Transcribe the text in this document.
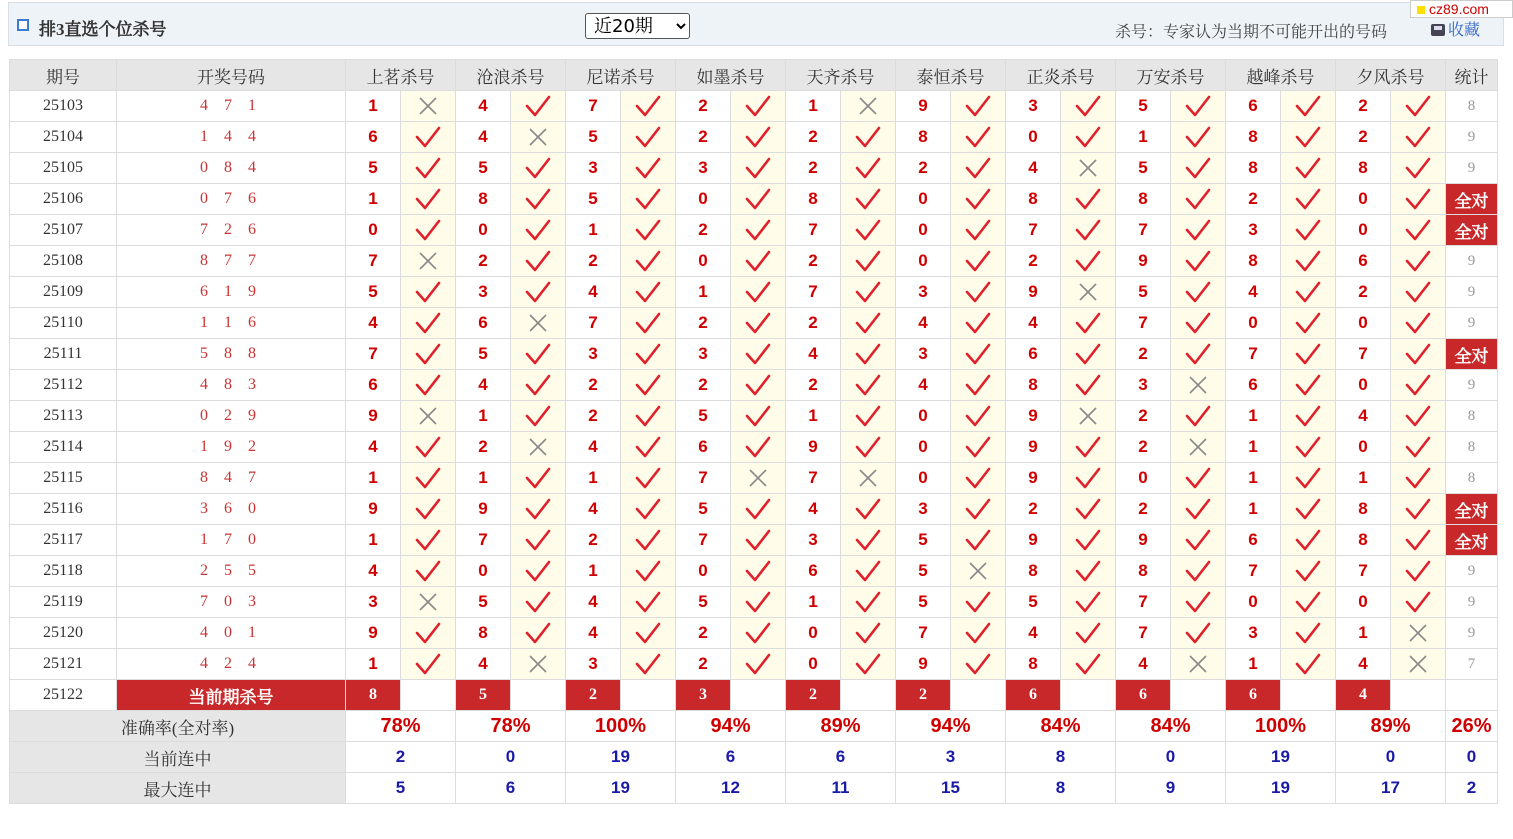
排3直选个位杀号
近20期	杀号：专家认为当期不可能开出的号码	收藏
cz89.com
期号	开奖号码	上茗杀号		沧浪杀号		尼诺杀号		如墨杀号		天齐杀号		泰恒杀号		正炎杀号		万安杀号		越峰杀号		夕风杀号		统计
25103	4 7 1	1		4		7		2		1		9		3		5		6		2		8
25104	1 4 4	6		4		5		2		2		8		0		1		8		2		9
25105	0 8 4	5		5		3		3		2		2		4		5		8		8		9
25106	0 7 6	1		8		5		0		8		0		8		8		2		0		全对
25107	7 2 6	0		0		1		2		7		0		7		7		3		0		全对
25108	8 7 7	7		2		2		0		2		0		2		9		8		6		9
25109	6 1 9	5		3		4		1		7		3		9		5		4		2		9
25110	1 1 6	4		6		7		2		2		4		4		7		0		0		9
25111	5 8 8	7		5		3		3		4		3		6		2		7		7		全对
25112	4 8 3	6		4		2		2		2		4		8		3		6		0		9
25113	0 2 9	9		1		2		5		1		0		9		2		1		4		8
25114	1 9 2	4		2		4		6		9		0		9		2		1		0		8
25115	8 4 7	1		1		1		7		7		0		9		0		1		1		8
25116	3 6 0	9		9		4		5		4		3		2		2		1		8		全对
25117	1 7 0	1		7		2		7		3		5		9		9		6		8		全对
25118	2 5 5	4		0		1		0		6		5		8		8		7		7		9
25119	7 0 3	3		5		4		5		1		5		5		7		0		0		9
25120	4 0 1	9		8		4		2		0		7		4		7		3		1		9
25121	4 2 4	1		4		3		2		0		9		8		4		1		4		7
25122	当前期杀号	8		5		2		3		2		2		6		6		6		4		
准确率(全对率)		78%		78%		100%		94%		89%		94%		84%		84%		100%		89%		26%
当前连中		2		0		19		6		6		3		8		0		19		0		0
最大连中		5		6		19		12		11		15		8		9		19		17		2
